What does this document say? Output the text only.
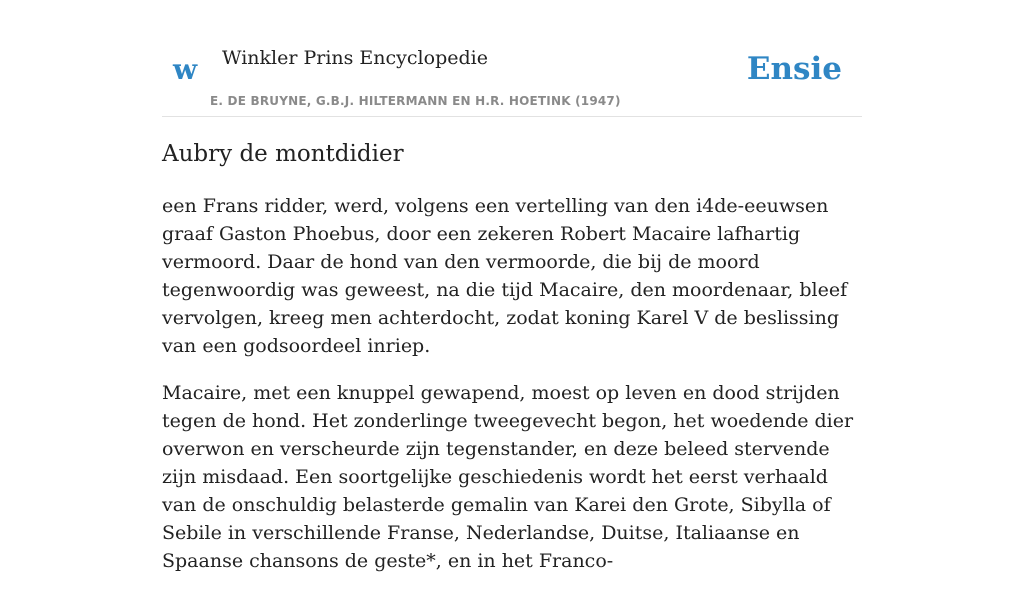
w Winkler Prins Encyclopedie
E. DE BRUYNE, G.B.J. HILTERMANN EN H.R. HOETINK (1947)
Ensie
Aubry de montdidier

een Frans ridder, werd, volgens een vertelling van den i4de-eeuwsen graaf Gaston Phoebus, door een zekeren Robert Macaire lafhartig vermoord. Daar de hond van den vermoorde, die bij de moord tegenwoordig was geweest, na die tijd Macaire, den moordenaar, bleef vervolgen, kreeg men achterdocht, zodat koning Karel V de beslissing van een godsoordeel inriep.

Macaire, met een knuppel gewapend, moest op leven en dood strijden tegen de hond. Het zonderlinge tweegevecht begon, het woedende dier overwon en verscheurde zijn tegenstander, en deze beleed stervende zijn misdaad. Een soortgelijke geschiedenis wordt het eerst verhaald van de onschuldig belasterde gemalin van Karei den Grote, Sibylla of Sebile in verschillende Franse, Nederlandse, Duitse, Italiaanse en Spaanse chansons de geste*, en in het Franco-
